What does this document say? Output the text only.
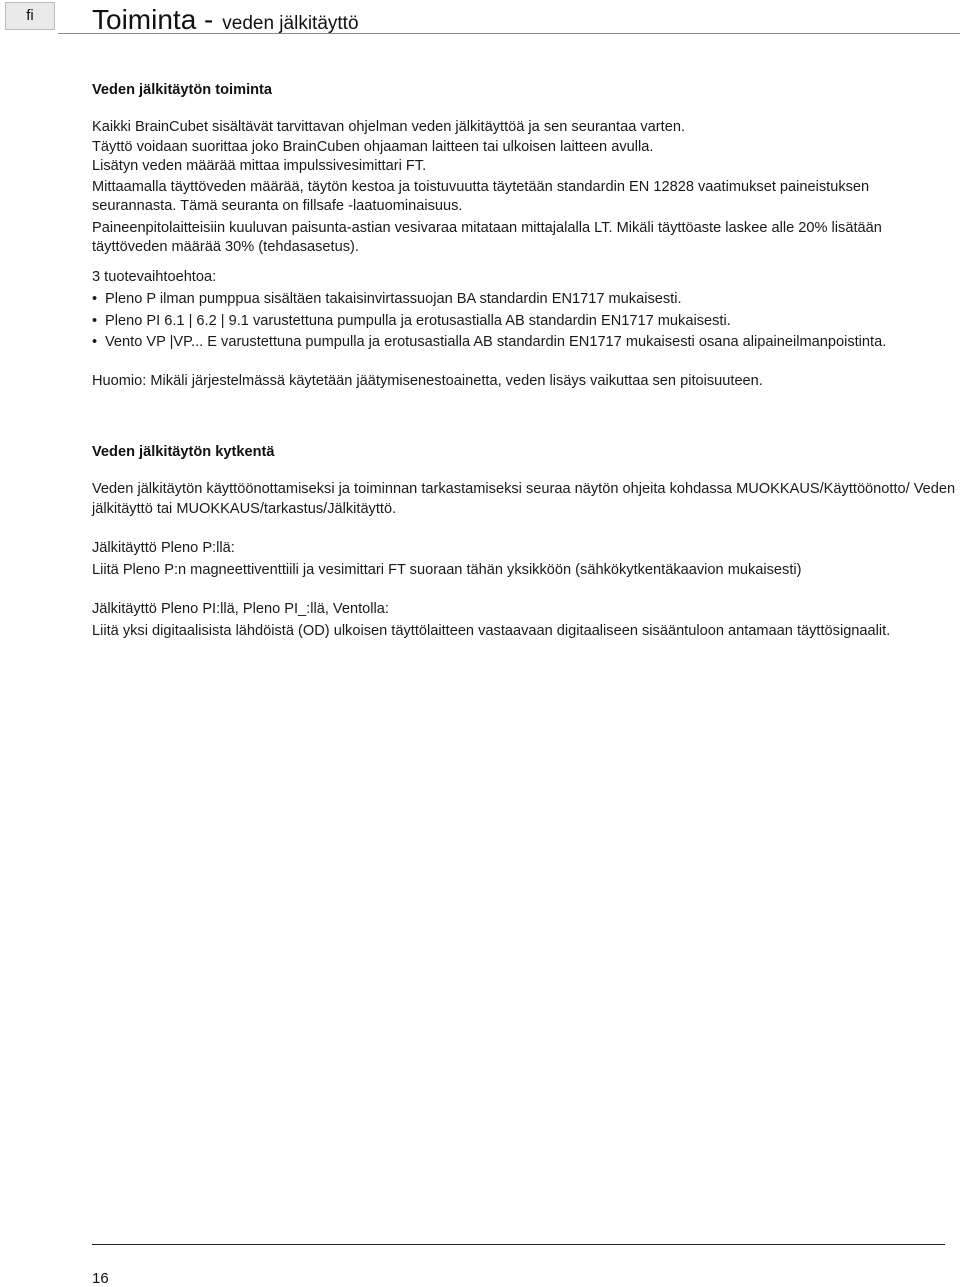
fi	Toiminta - veden jälkitäyttö
Veden jälkitäytön toiminta

Kaikki BrainCubet sisältävät tarvittavan ohjelman veden jälkitäyttöä ja sen seurantaa varten.

Täyttö voidaan suorittaa joko BrainCuben ohjaaman laitteen tai ulkoisen laitteen avulla.

Lisätyn veden määrää mittaa impulssivesimittari FT.

Mittaamalla täyttöveden määrää, täytön kestoa ja toistuvuutta täytetään standardin EN 12828 vaatimukset paineistuksen seurannasta. Tämä seuranta on fillsafe -laatuominaisuus.

Paineenpitolaitteisiin kuuluvan paisunta-astian vesivaraa mitataan mittajalalla LT. Mikäli täyttöaste laskee alle 20% lisätään täyttöveden määrää 30% (tehdasasetus).

3 tuotevaihtoehtoa:

• Pleno P ilman pumppua sisältäen takaisinvirtassuojan BA standardin EN1717 mukaisesti.
• Pleno PI 6.1 | 6.2 | 9.1 varustettuna pumpulla ja erotusastialla AB standardin EN1717 mukaisesti.
• Vento VP |VP... E varustettuna pumpulla ja erotusastialla AB standardin EN1717 mukaisesti osana alipaineilmanpoistinta.

Huomio: Mikäli järjestelmässä käytetään jäätymisenestoainetta, veden lisäys vaikuttaa sen pitoisuuteen.

Veden jälkitäytön kytkentä

Veden jälkitäytön käyttöönottamiseksi ja toiminnan tarkastamiseksi seuraa näytön ohjeita kohdassa MUOKKAUS/Käyttöönotto/ Veden jälkitäyttö tai MUOKKAUS/tarkastus/Jälkitäyttö.

Jälkitäyttö Pleno P:llä:

Liitä Pleno P:n magneettiventtiili ja vesimittari FT suoraan tähän yksikköön (sähkökytkentäkaavion mukaisesti)

Jälkitäyttö Pleno PI:llä, Pleno PI_:llä, Ventolla:

Liitä yksi digitaalisista lähdöistä (OD) ulkoisen täyttölaitteen vastaavaan digitaaliseen sisääntuloon antamaan täyttösignaalit.

16
